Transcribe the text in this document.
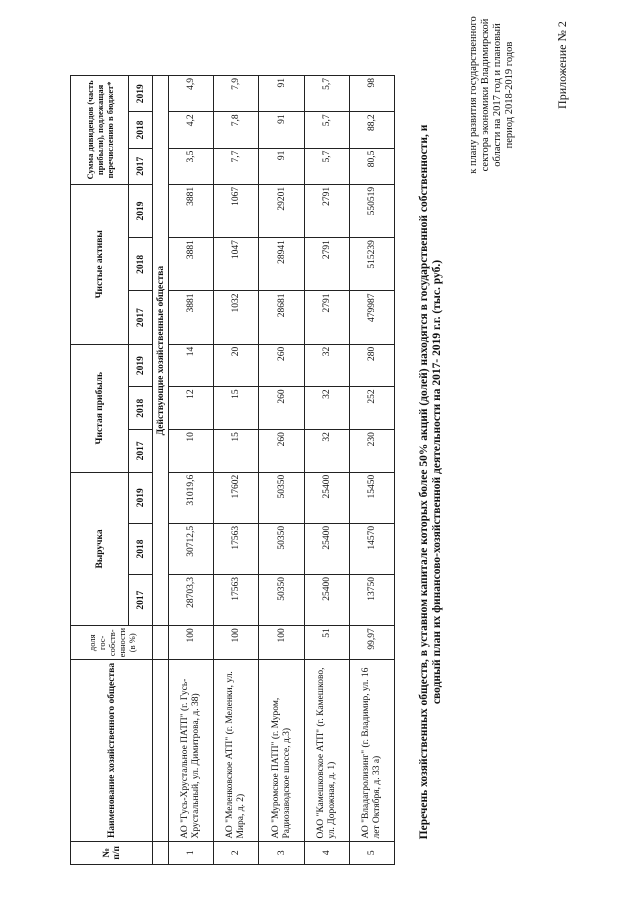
Приложение № 2
к плану развития государственного сектора экономики Владимирской области на 2017 год и плановый период 2018-2019 годов
Перечень хозяйственных обществ, в уставном капитале которых более 50% акций (долей) находятся в государственной собственности, и сводный план их финансово-хозяйственной деятельности на 2017- 2019 г.г. (тыс. руб.)
№ п/п	Наименование хозяйственного общества	доля гос-собств-енности (в %)	Выручка			Чистая прибыль			Чистые активы			Сумма дивидендов (часть прибыли), подлежащая перечислению в бюджет*		
			2017	2018	2019	2017	2018	2019	2017	2018	2019	2017	2018	2019
			Действующие хозяйственные общества											
1	АО "Гусь-Хрустальное ПАТП" (г. Гусь-Хрустальный, ул. Димитрова, д. 38)	100	28703,3	30712,5	31019,6	10	12	14	3881	3881	3881	3,5	4,2	4,9
2	АО "Меленковское АТП" (г. Меленки, ул. Мира, д. 2)	100	17563	17563	17602	15	15	20	1032	1047	1067	7,7	7,8	7,9
3	АО "Муромское ПАТП" (г. Муром, Радиозаводское шоссе, д.3)	100	50350	50350	50350	260	260	260	28681	28941	29201	91	91	91
4	ОАО "Камешковское АТП" (г. Камешково, ул. Дорожная, д. 1)	51	25400	25400	25400	32	32	32	2791	2791	2791	5,7	5,7	5,7
5	АО "Владагролизинг" (г. Владимир, ул. 16 лет Октября, д. 33 а)	99,97	13750	14570	15450	230	252	280	479987	515239	550519	80,5	88,2	98
